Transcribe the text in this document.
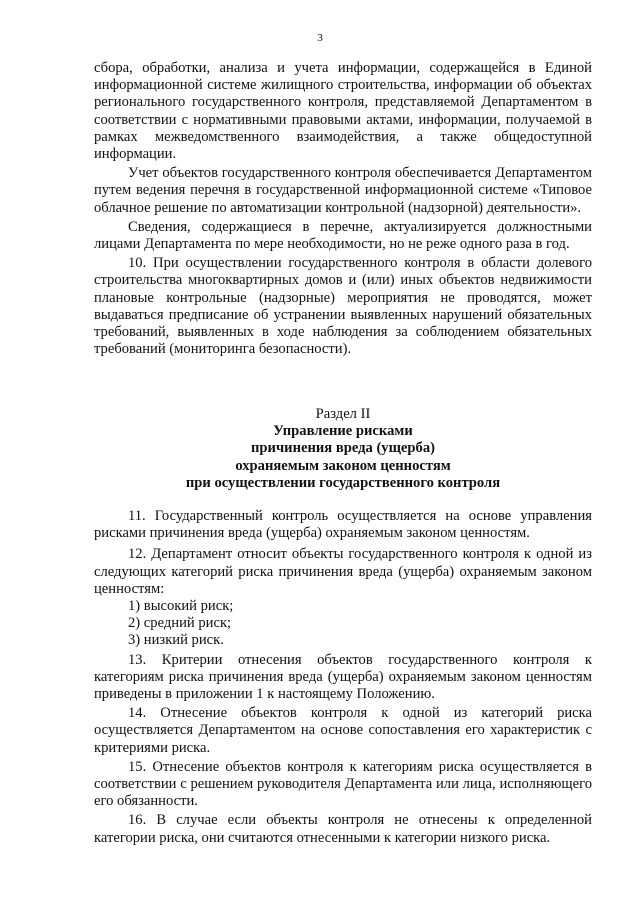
3

сбора, обработки, анализа и учета информации, содержащейся в Единой информационной системе жилищного строительства, информации об объектах регионального государственного контроля, представляемой Департаментом в соответствии с нормативными правовыми актами, информации, получаемой в рамках межведомственного взаимодействия, а также общедоступной информации.

Учет объектов государственного контроля обеспечивается Департаментом путем ведения перечня в государственной информационной системе «Типовое облачное решение по автоматизации контрольной (надзорной) деятельности».

Сведения, содержащиеся в перечне, актуализируется должностными лицами Департамента по мере необходимости, но не реже одного раза в год.

10. При осуществлении государственного контроля в области долевого строительства многоквартирных домов и (или) иных объектов недвижимости плановые контрольные (надзорные) мероприятия не проводятся, может выдаваться предписание об устранении выявленных нарушений обязательных требований, выявленных в ходе наблюдения за соблюдением обязательных требований (мониторинга безопасности).

Раздел II

Управление рисками

причинения вреда (ущерба)

охраняемым законом ценностям

при осуществлении государственного контроля

11. Государственный контроль осуществляется на основе управления рисками причинения вреда (ущерба) охраняемым законом ценностям.

12. Департамент относит объекты государственного контроля к одной из следующих категорий риска причинения вреда (ущерба) охраняемым законом ценностям:

1) высокий риск;

2) средний риск;

3) низкий риск.

13. Критерии отнесения объектов государственного контроля к категориям риска причинения вреда (ущерба) охраняемым законом ценностям приведены в приложении 1 к настоящему Положению.

14. Отнесение объектов контроля к одной из категорий риска осуществляется Департаментом на основе сопоставления его характеристик с критериями риска.

15. Отнесение объектов контроля к категориям риска осуществляется в соответствии с решением руководителя Департамента или лица, исполняющего его обязанности.

16. В случае если объекты контроля не отнесены к определенной категории риска, они считаются отнесенными к категории низкого риска.
